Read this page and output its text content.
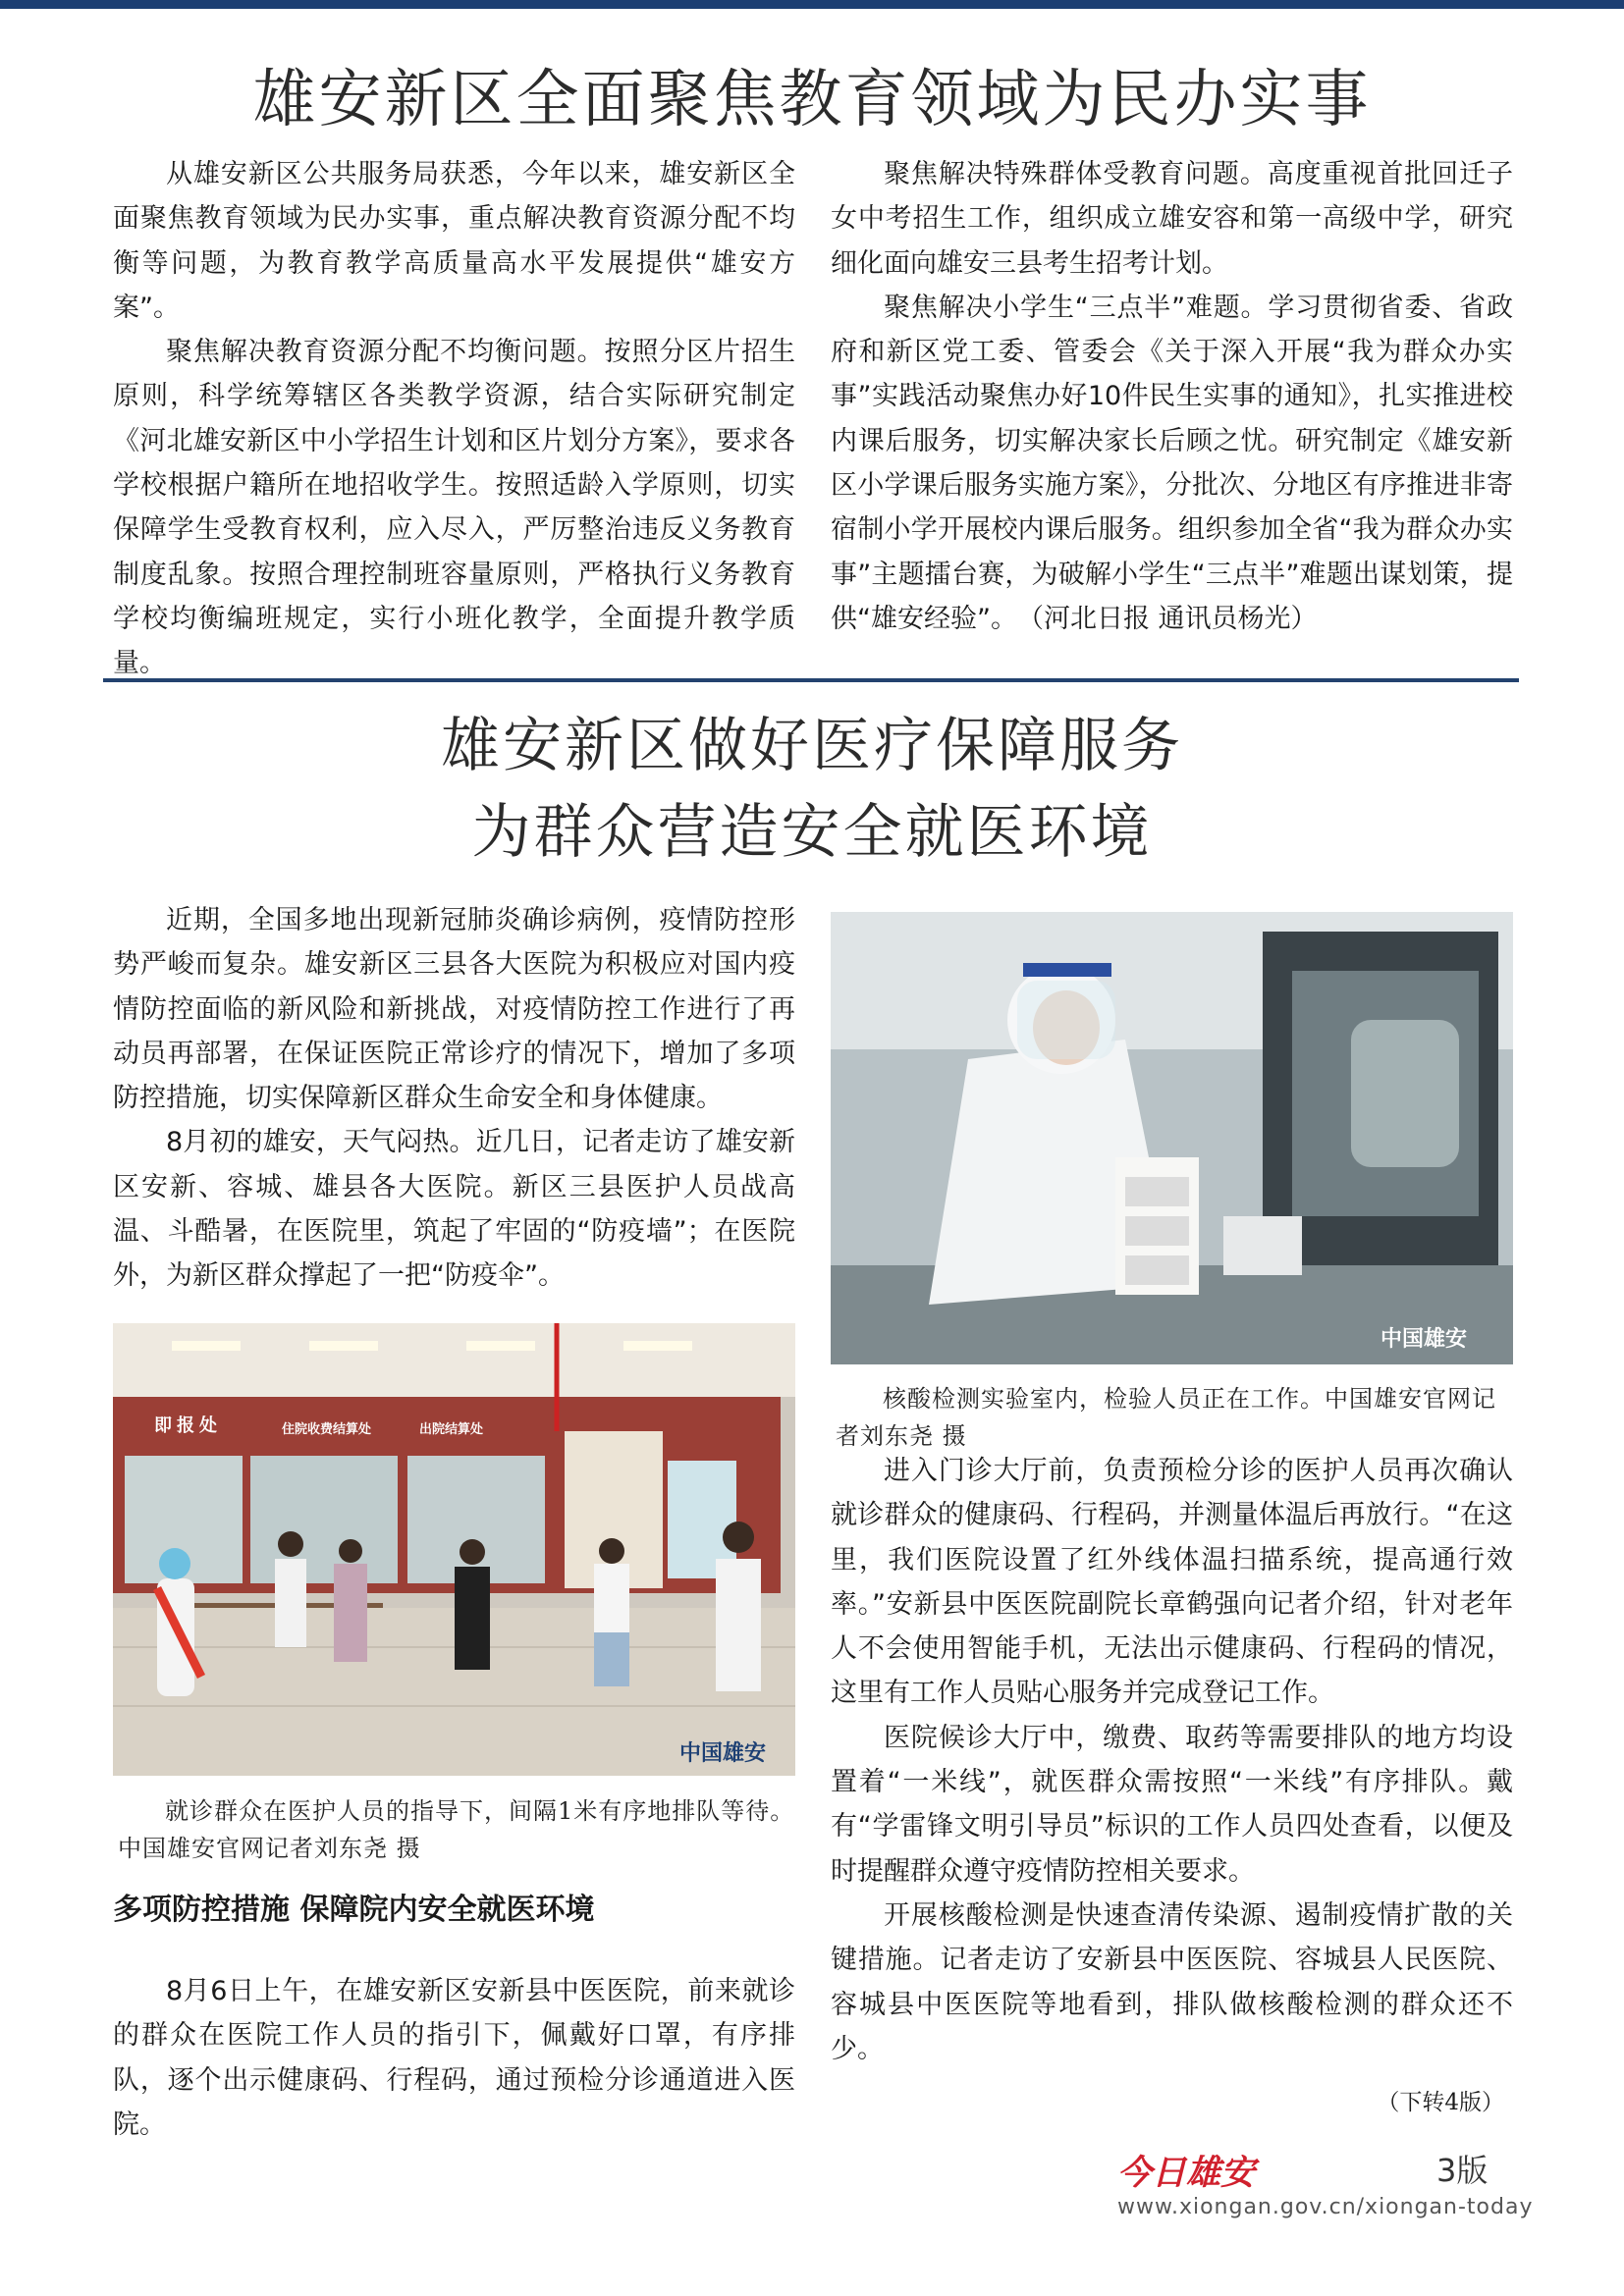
雄安新区全面聚焦教育领域为民办实事

从雄安新区公共服务局获悉，今年以来，雄安新区全面聚焦教育领域为民办实事，重点解决教育资源分配不均衡等问题，为教育教学高质量高水平发展提供“雄安方案”。

聚焦解决教育资源分配不均衡问题。按照分区片招生原则，科学统筹辖区各类教学资源，结合实际研究制定《河北雄安新区中小学招生计划和区片划分方案》，要求各学校根据户籍所在地招收学生。按照适龄入学原则，切实保障学生受教育权利，应入尽入，严厉整治违反义务教育制度乱象。按照合理控制班容量原则，严格执行义务教育学校均衡编班规定，实行小班化教学，全面提升教学质量。

聚焦解决特殊群体受教育问题。高度重视首批回迁子女中考招生工作，组织成立雄安容和第一高级中学，研究细化面向雄安三县考生招考计划。

聚焦解决小学生“三点半”难题。学习贯彻省委、省政府和新区党工委、管委会《关于深入开展“我为群众办实事”实践活动聚焦办好10件民生实事的通知》，扎实推进校内课后服务，切实解决家长后顾之忧。研究制定《雄安新区小学课后服务实施方案》，分批次、分地区有序推进非寄宿制小学开展校内课后服务。组织参加全省“我为群众办实事”主题擂台赛，为破解小学生“三点半”难题出谋划策，提供“雄安经验”。　（河北日报 通讯员杨光）

雄安新区做好医疗保障服务
为群众营造安全就医环境

近期，全国多地出现新冠肺炎确诊病例，疫情防控形势严峻而复杂。雄安新区三县各大医院为积极应对国内疫情防控面临的新风险和新挑战，对疫情防控工作进行了再动员再部署，在保证医院正常诊疗的情况下，增加了多项防控措施，切实保障新区群众生命安全和身体健康。

8月初的雄安，天气闷热。近几日，记者走访了雄安新区安新、容城、雄县各大医院。新区三县医护人员战高温、斗酷暑，在医院里，筑起了牢固的“防疫墙”；在医院外，为新区群众撑起了一把“防疫伞”。

即 报 处	住院收费结算处	出院结算处
中国雄安
就诊群众在医护人员的指导下，间隔1米有序地排队等待。中国雄安官网记者刘东尧 摄
多项防控措施 保障院内安全就医环境

8月6日上午，在雄安新区安新县中医医院，前来就诊的群众在医院工作人员的指引下，佩戴好口罩，有序排队，逐个出示健康码、行程码，通过预检分诊通道进入医院。

中国雄安
核酸检测实验室内，检验人员正在工作。中国雄安官网记者刘东尧 摄

进入门诊大厅前，负责预检分诊的医护人员再次确认就诊群众的健康码、行程码，并测量体温后再放行。“在这里，我们医院设置了红外线体温扫描系统，提高通行效率。”安新县中医医院副院长章鹤强向记者介绍，针对老年人不会使用智能手机，无法出示健康码、行程码的情况，这里有工作人员贴心服务并完成登记工作。

医院候诊大厅中，缴费、取药等需要排队的地方均设置着“一米线”，就医群众需按照“一米线”有序排队。戴有“学雷锋文明引导员”标识的工作人员四处查看，以便及时提醒群众遵守疫情防控相关要求。

开展核酸检测是快速查清传染源、遏制疫情扩散的关键措施。记者走访了安新县中医医院、容城县人民医院、容城县中医医院等地看到，排队做核酸检测的群众还不少。

（下转4版）
今日雄安	3版
www.xiongan.gov.cn/xiongan-today
